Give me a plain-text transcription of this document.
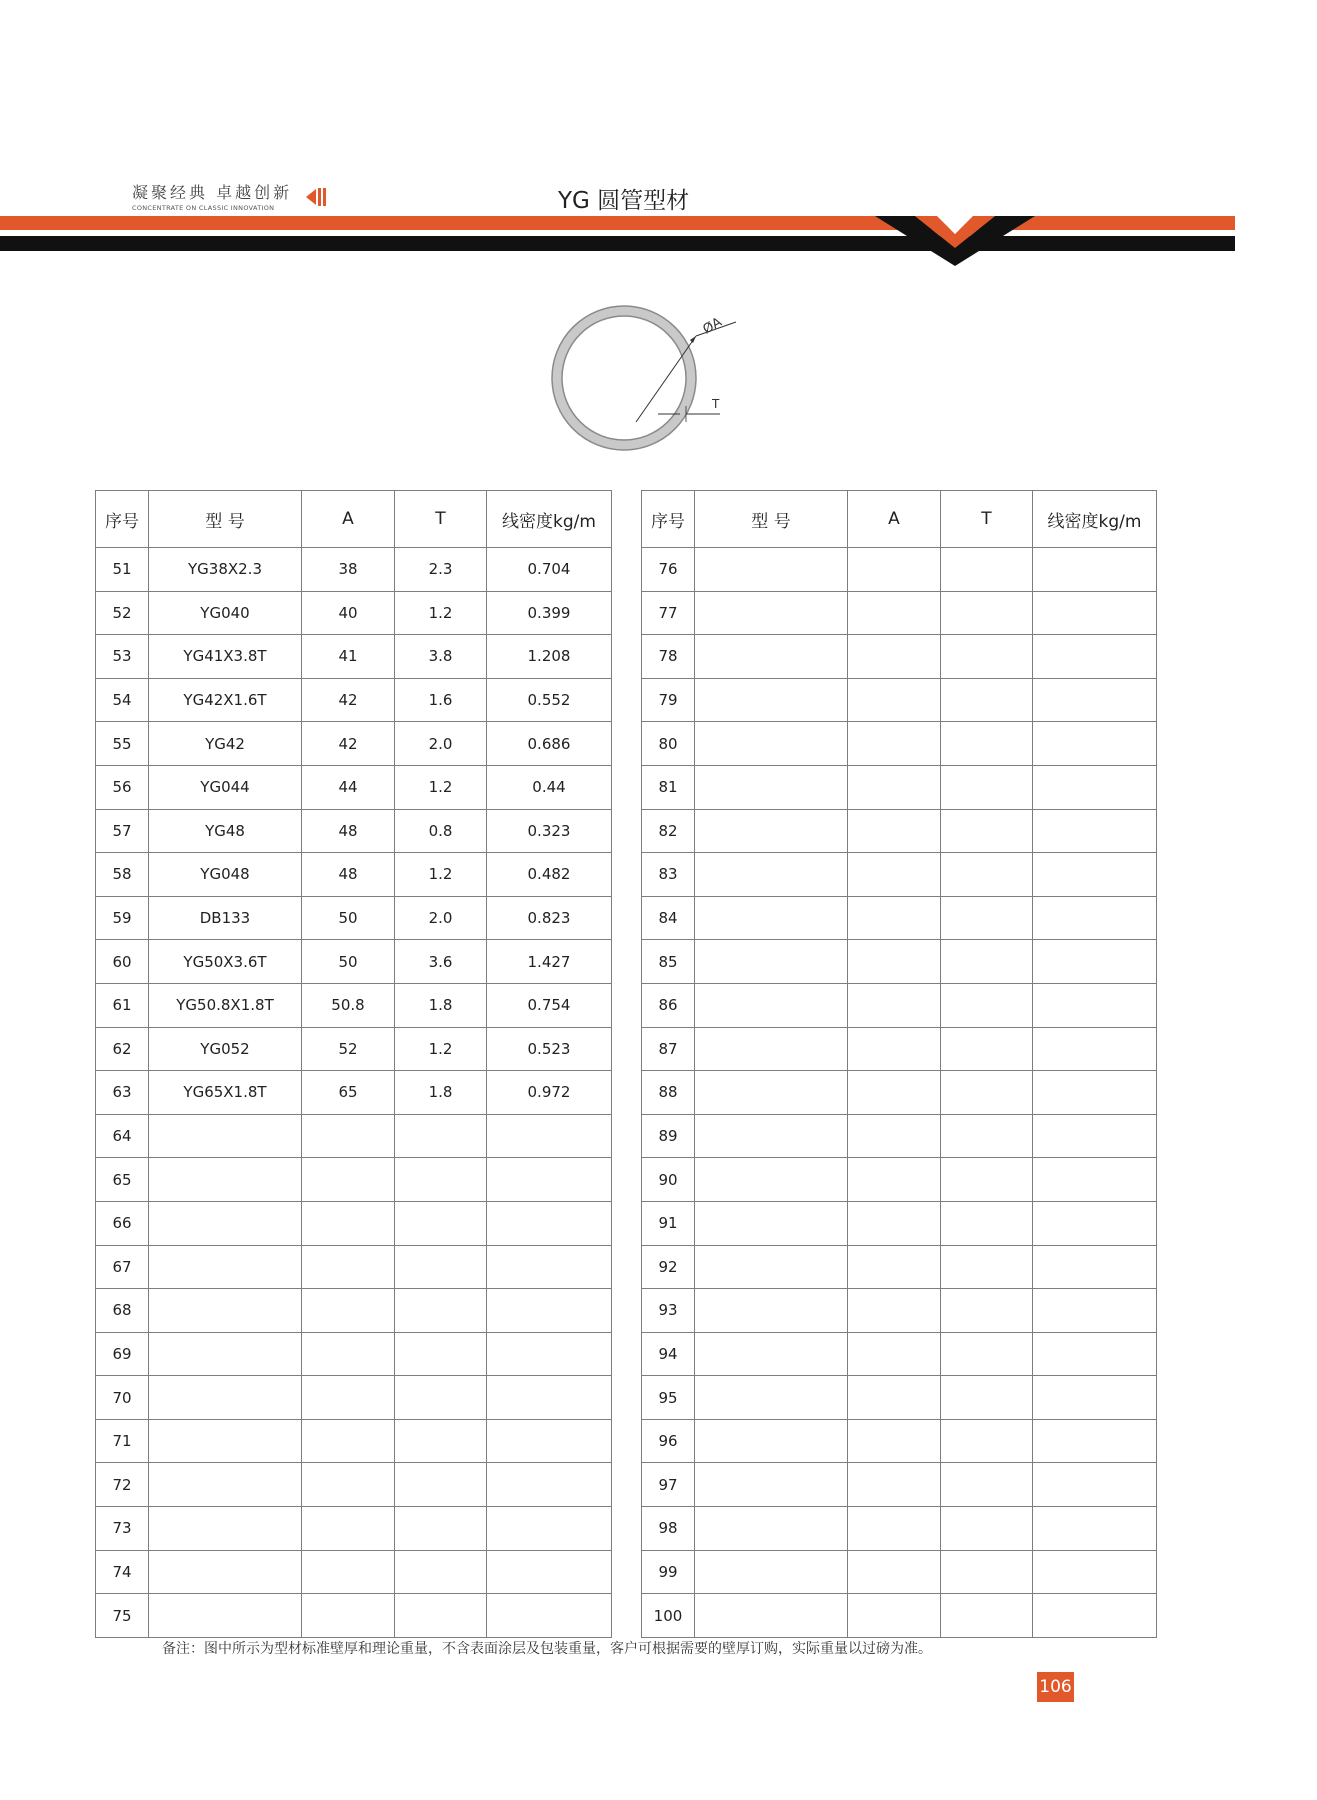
凝聚经典 卓越创新
CONCENTRATE ON CLASSIC INNOVATION	YG 圆管型材
ØA
T
序号	型 号	A	T	线密度kg/m
51	YG38X2.3	38	2.3	0.704
52	YG040	40	1.2	0.399
53	YG41X3.8T	41	3.8	1.208
54	YG42X1.6T	42	1.6	0.552
55	YG42	42	2.0	0.686
56	YG044	44	1.2	0.44
57	YG48	48	0.8	0.323
58	YG048	48	1.2	0.482
59	DB133	50	2.0	0.823
60	YG50X3.6T	50	3.6	1.427
61	YG50.8X1.8T	50.8	1.8	0.754
62	YG052	52	1.2	0.523
63	YG65X1.8T	65	1.8	0.972
64				
65				
66				
67				
68				
69				
70				
71				
72				
73				
74				
75				
序号	型 号	A	T	线密度kg/m
76				
77				
78				
79				
80				
81				
82				
83				
84				
85				
86				
87				
88				
89				
90				
91				
92				
93				
94				
95				
96				
97				
98				
99				
100				
备注：图中所示为型材标准壁厚和理论重量，不含表面涂层及包装重量，客户可根据需要的壁厚订购，实际重量以过磅为准。
106
